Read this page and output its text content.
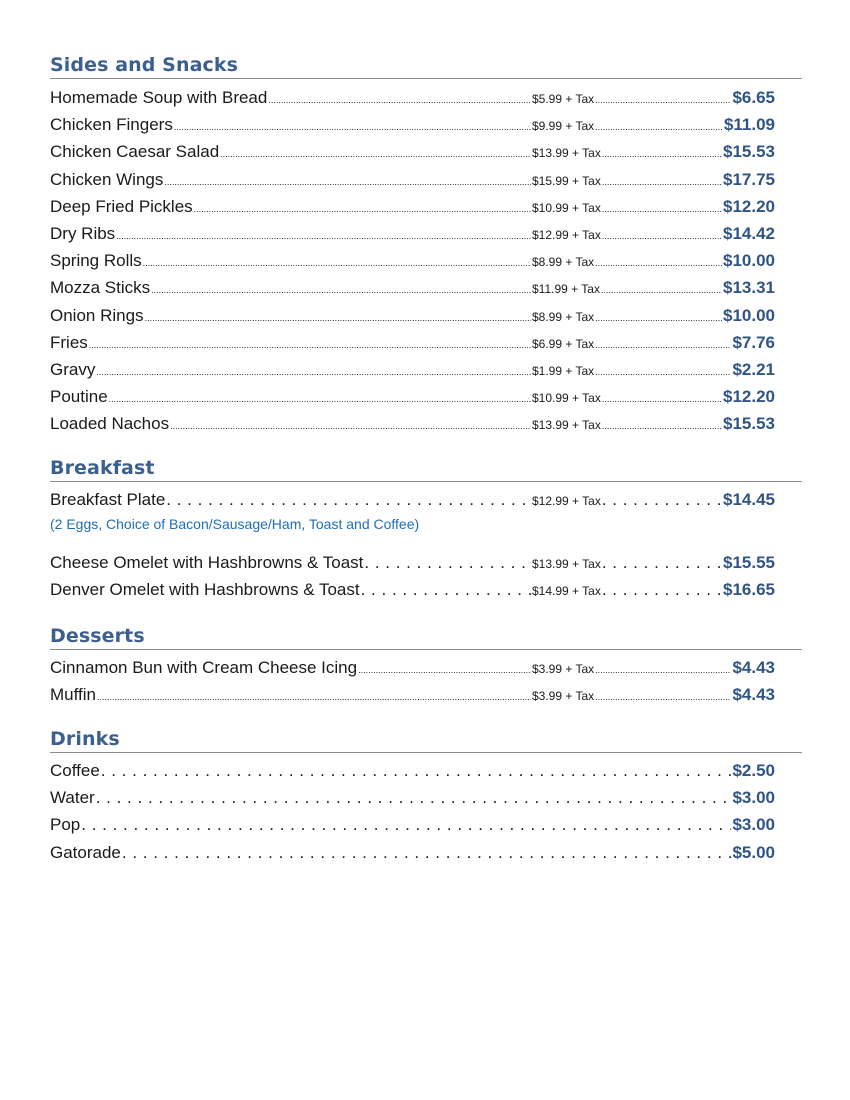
Sides and Snacks
Homemade Soup with Bread .....	$5.99 + Tax .....	$6.65
Chicken Fingers .....	$9.99 + Tax .....	$11.09
Chicken Caesar Salad .....	$13.99 + Tax .....	$15.53
Chicken Wings .....	$15.99 + Tax .....	$17.75
Deep Fried Pickles .....	$10.99 + Tax .....	$12.20
Dry Ribs .....	$12.99 + Tax .....	$14.42
Spring Rolls .....	$8.99 + Tax .....	$10.00
Mozza Sticks .....	$11.99 + Tax .....	$13.31
Onion Rings .....	$8.99 + Tax .....	$10.00
Fries .....	$6.99 + Tax .....	$7.76
Gravy .....	$1.99 + Tax .....	$2.21
Poutine .....	$10.99 + Tax .....	$12.20
Loaded Nachos .....	$13.99 + Tax .....	$15.53
Breakfast
Breakfast Plate . . .	$12.99 + Tax . . .	$14.45
(2 Eggs, Choice of Bacon/Sausage/Ham, Toast and Coffee)
Cheese Omelet with Hashbrowns & Toast . . .	$13.99 + Tax . . .	$15.55
Denver Omelet with Hashbrowns & Toast . . .	$14.99 + Tax . . .	$16.65
Desserts
Cinnamon Bun with Cream Cheese Icing .....	$3.99 + Tax .....	$4.43
Muffin .....	$3.99 + Tax .....	$4.43
Drinks
Coffee . . .	$2.50
Water . . .	$3.00
Pop . . .	$3.00
Gatorade . . .	$5.00
